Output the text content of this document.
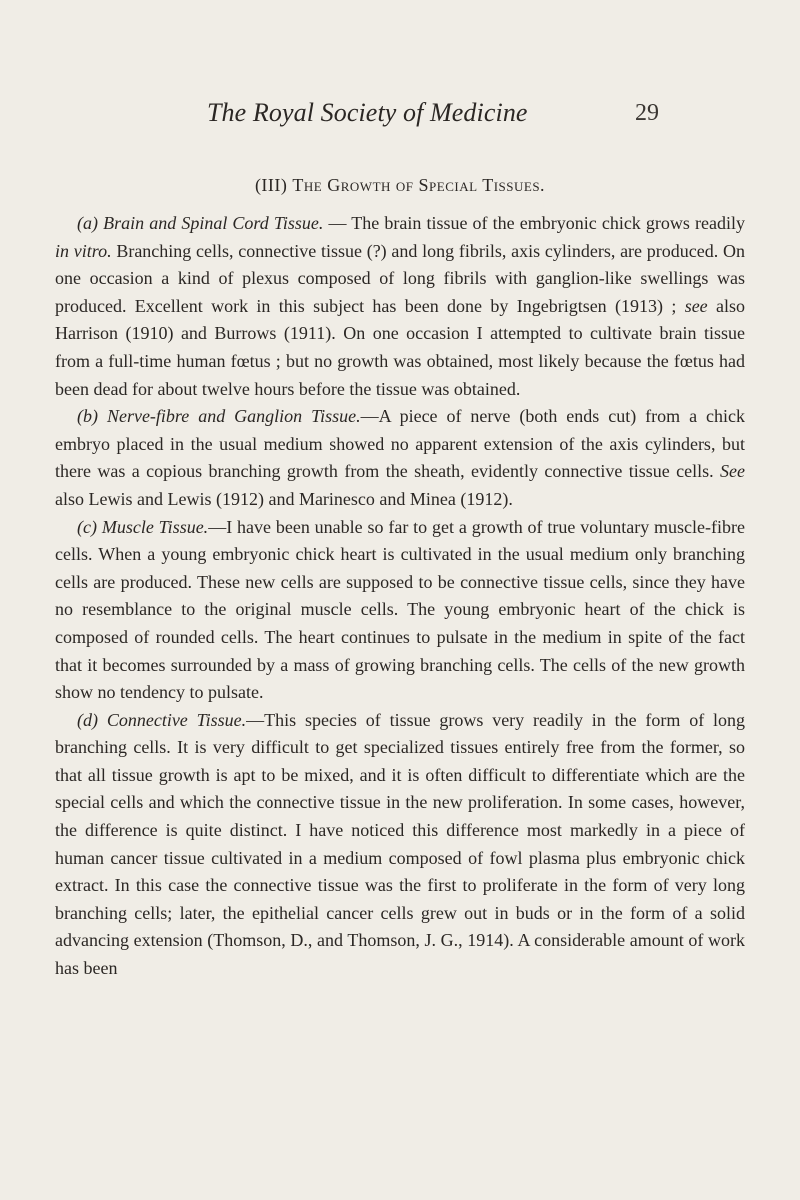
The Royal Society of Medicine	29
(III) The Growth of Special Tissues.

(a) Brain and Spinal Cord Tissue. — The brain tissue of the embryonic chick grows readily in vitro. Branching cells, connective tissue (?) and long fibrils, axis cylinders, are produced. On one occasion a kind of plexus composed of long fibrils with ganglion-like swellings was produced. Excellent work in this subject has been done by Ingebrigtsen (1913) ; see also Harrison (1910) and Burrows (1911). On one occasion I attempted to cultivate brain tissue from a full-time human fœtus ; but no growth was obtained, most likely because the fœtus had been dead for about twelve hours before the tissue was obtained.

(b) Nerve-fibre and Ganglion Tissue.—A piece of nerve (both ends cut) from a chick embryo placed in the usual medium showed no apparent extension of the axis cylinders, but there was a copious branching growth from the sheath, evidently connective tissue cells. See also Lewis and Lewis (1912) and Marinesco and Minea (1912).

(c) Muscle Tissue.—I have been unable so far to get a growth of true voluntary muscle-fibre cells. When a young embryonic chick heart is cultivated in the usual medium only branching cells are produced. These new cells are supposed to be connective tissue cells, since they have no resemblance to the original muscle cells. The young embryonic heart of the chick is composed of rounded cells. The heart continues to pulsate in the medium in spite of the fact that it becomes surrounded by a mass of growing branching cells. The cells of the new growth show no tendency to pulsate.

(d) Connective Tissue.—This species of tissue grows very readily in the form of long branching cells. It is very difficult to get specialized tissues entirely free from the former, so that all tissue growth is apt to be mixed, and it is often difficult to differentiate which are the special cells and which the connective tissue in the new proliferation. In some cases, however, the difference is quite distinct. I have noticed this difference most markedly in a piece of human cancer tissue cultivated in a medium composed of fowl plasma plus embryonic chick extract. In this case the connective tissue was the first to proliferate in the form of very long branching cells; later, the epithelial cancer cells grew out in buds or in the form of a solid advancing extension (Thomson, D., and Thomson, J. G., 1914). A considerable amount of work has been
